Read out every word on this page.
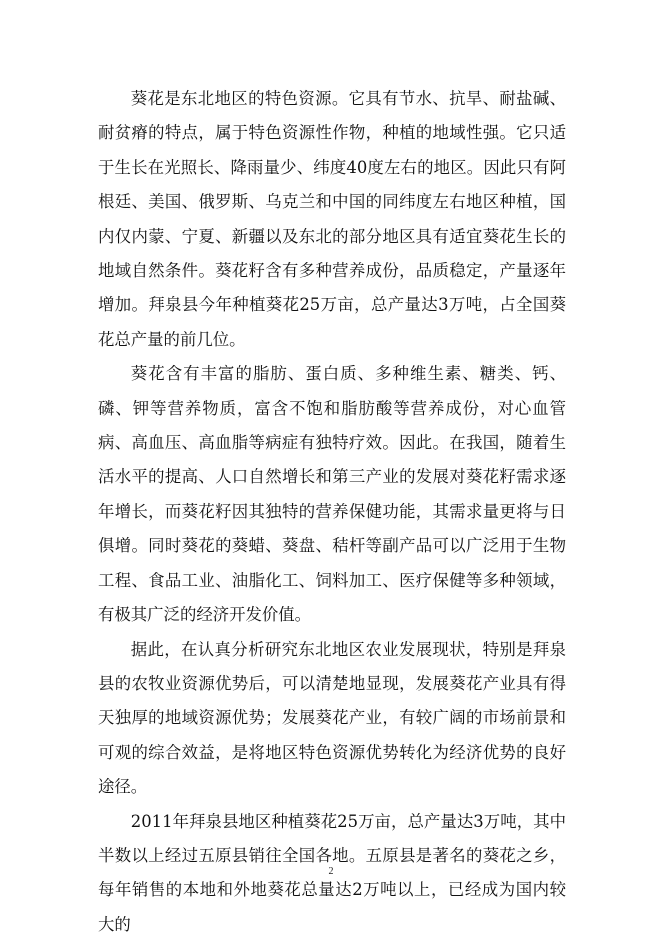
葵花是东北地区的特色资源。它具有节水、抗旱、耐盐碱、耐贫瘠的特点，属于特色资源性作物，种植的地域性强。它只适于生长在光照长、降雨量少、纬度40度左右的地区。因此只有阿根廷、美国、俄罗斯、乌克兰和中国的同纬度左右地区种植，国内仅内蒙、宁夏、新疆以及东北的部分地区具有适宜葵花生长的地域自然条件。葵花籽含有多种营养成份，品质稳定，产量逐年增加。拜泉县今年种植葵花25万亩，总产量达3万吨，占全国葵花总产量的前几位。

葵花含有丰富的脂肪、蛋白质、多种维生素、糖类、钙、磷、钾等营养物质，富含不饱和脂肪酸等营养成份，对心血管病、高血压、高血脂等病症有独特疗效。因此。在我国，随着生活水平的提高、人口自然增长和第三产业的发展对葵花籽需求逐年增长，而葵花籽因其独特的营养保健功能，其需求量更将与日俱增。同时葵花的葵蜡、葵盘、秸杆等副产品可以广泛用于生物工程、食品工业、油脂化工、饲料加工、医疗保健等多种领域，有极其广泛的经济开发价值。

据此，在认真分析研究东北地区农业发展现状，特别是拜泉县的农牧业资源优势后，可以清楚地显现，发展葵花产业具有得天独厚的地域资源优势；发展葵花产业，有较广阔的市场前景和可观的综合效益，是将地区特色资源优势转化为经济优势的良好途径。

2011年拜泉县地区种植葵花25万亩，总产量达3万吨，其中半数以上经过五原县销往全国各地。五原县是著名的葵花之乡，每年销售的本地和外地葵花总量达2万吨以上，已经成为国内较大的

2
